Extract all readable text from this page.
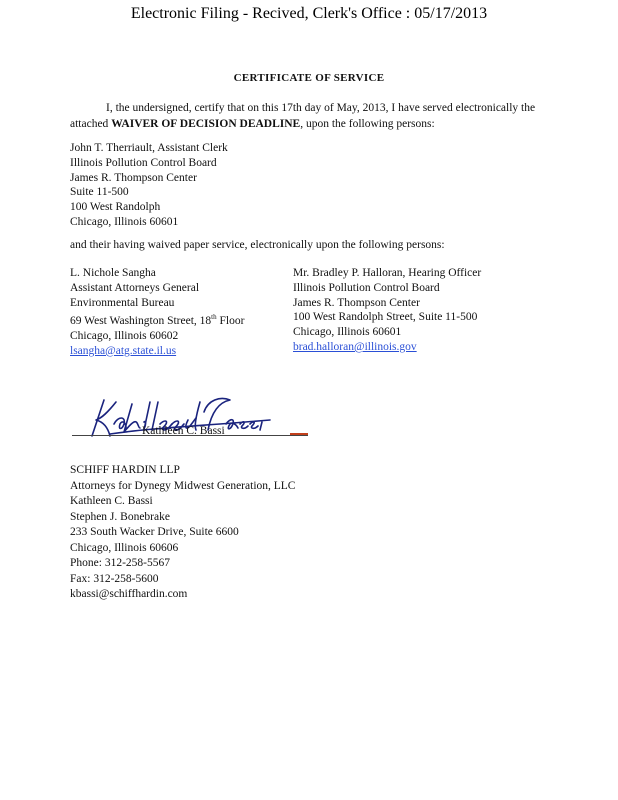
Electronic Filing - Recived, Clerk's Office : 05/17/2013
CERTIFICATE OF SERVICE
I, the undersigned, certify that on this 17th day of May, 2013, I have served electronically the attached WAIVER OF DECISION DEADLINE, upon the following persons:
John T. Therriault, Assistant Clerk
Illinois Pollution Control Board
James R. Thompson Center
Suite 11-500
100 West Randolph
Chicago, Illinois 60601
and their having waived paper service, electronically upon the following persons:
L. Nichole Sangha
Assistant Attorneys General
Environmental Bureau
69 West Washington Street, 18th Floor
Chicago, Illinois 60602
lsangha@atg.state.il.us
Mr. Bradley P. Halloran, Hearing Officer
Illinois Pollution Control Board
James R. Thompson Center
100 West Randolph Street, Suite 11-500
Chicago, Illinois 60601
brad.halloran@illinois.gov
Kathleen C. Bassi
SCHIFF HARDIN LLP
Attorneys for Dynegy Midwest Generation, LLC
Kathleen C. Bassi
Stephen J. Bonebrake
233 South Wacker Drive, Suite 6600
Chicago, Illinois 60606
Phone: 312-258-5567
Fax: 312-258-5600
kbassi@schiffhardin.com
